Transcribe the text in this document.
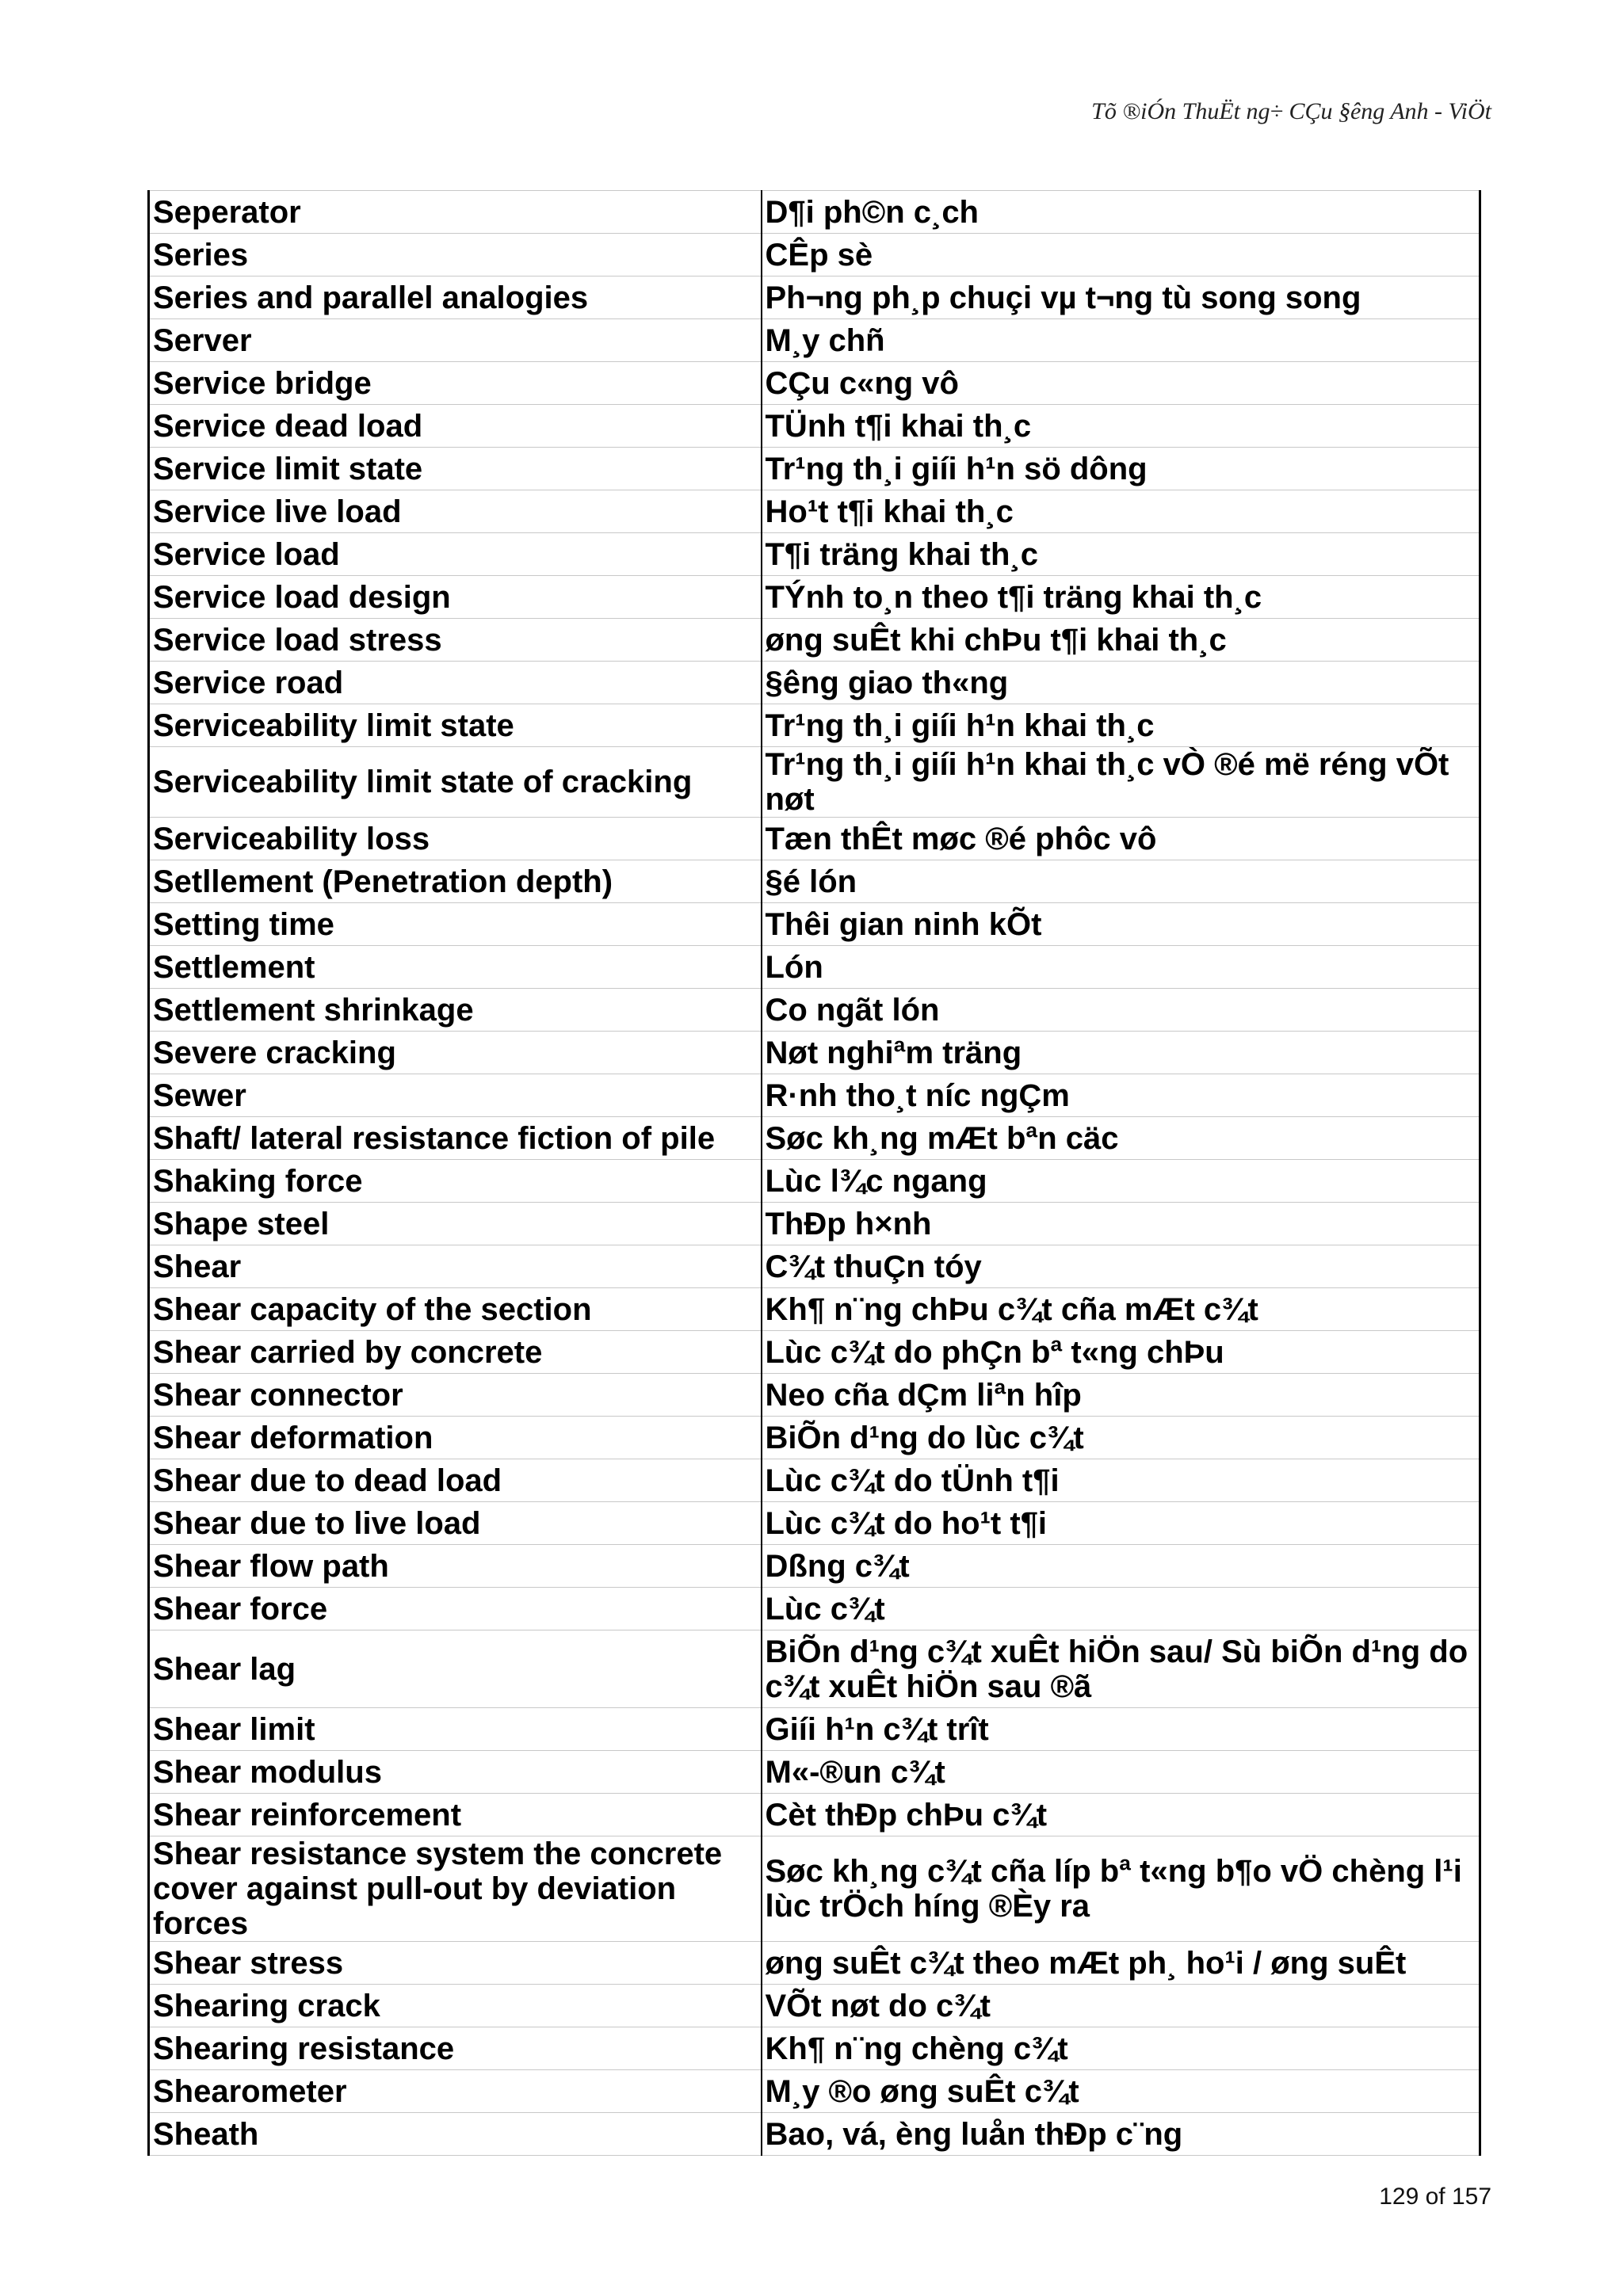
Tõ ®iÓn ThuËt ng÷ CÇu §êng Anh - ViÖt
Seperator	D¶i ph©n c¸ch
Series	CÊp sè
Series and parallel analogies	Ph¬ng ph¸p chuçi vµ t¬ng tù song song
Server	M¸y chñ
Service bridge	CÇu c«ng vô
Service dead load	TÜnh t¶i khai th¸c
Service limit state	Tr¹ng th¸i giíi h¹n sö dông
Service live load	Ho¹t t¶i khai th¸c
Service load	T¶i träng khai th¸c
Service load design	TÝnh to¸n theo t¶i träng khai th¸c
Service load stress	øng suÊt khi chÞu t¶i khai th¸c
Service road	§êng giao th«ng
Serviceability limit state	Tr¹ng th¸i giíi h¹n khai th¸c
Serviceability limit state of cracking	Tr¹ng th¸i giíi h¹n khai th¸c vÒ ®é më réng vÕt nøt
Serviceability loss	Tæn thÊt møc ®é phôc vô
Setllement (Penetration depth)	§é lón
Setting time	Thêi gian ninh kÕt
Settlement	Lón
Settlement shrinkage	Co ngãt lón
Severe cracking	Nøt nghiªm träng
Sewer	R·nh tho¸t níc ngÇm
Shaft/ lateral resistance fiction of pile	Søc kh¸ng mÆt bªn cäc
Shaking force	Lùc l¾c ngang
Shape steel	ThÐp h×nh
Shear	C¾t thuÇn tóy
Shear capacity of the section	Kh¶ n¨ng chÞu c¾t cña mÆt c¾t
Shear carried by concrete	Lùc c¾t do phÇn bª t«ng chÞu
Shear connector	Neo cña dÇm liªn hîp
Shear deformation	BiÕn d¹ng do lùc c¾t
Shear due to dead load	Lùc c¾t do tÜnh t¶i
Shear due to live load	Lùc c¾t do ho¹t t¶i
Shear flow path	Dßng c¾t
Shear force	Lùc c¾t
Shear lag	BiÕn d¹ng c¾t xuÊt hiÖn sau/ Sù biÕn d¹ng do c¾t xuÊt hiÖn sau ®ã
Shear limit	Giíi h¹n c¾t trît
Shear modulus	M«-®un c¾t
Shear reinforcement	Cèt thÐp chÞu c¾t
Shear resistance system the concrete cover against pull-out by deviation forces	Søc kh¸ng c¾t cña líp bª t«ng b¶o vÖ chèng l¹i lùc trÖch híng ®Èy ra
Shear stress	øng suÊt c¾t theo mÆt ph¸ ho¹i / øng suÊt
Shearing crack	VÕt nøt do c¾t
Shearing resistance	Kh¶ n¨ng chèng c¾t
Shearometer	M¸y ®o øng suÊt c¾t
Sheath	Bao, vá, èng luån thÐp c¨ng
129 of 157
